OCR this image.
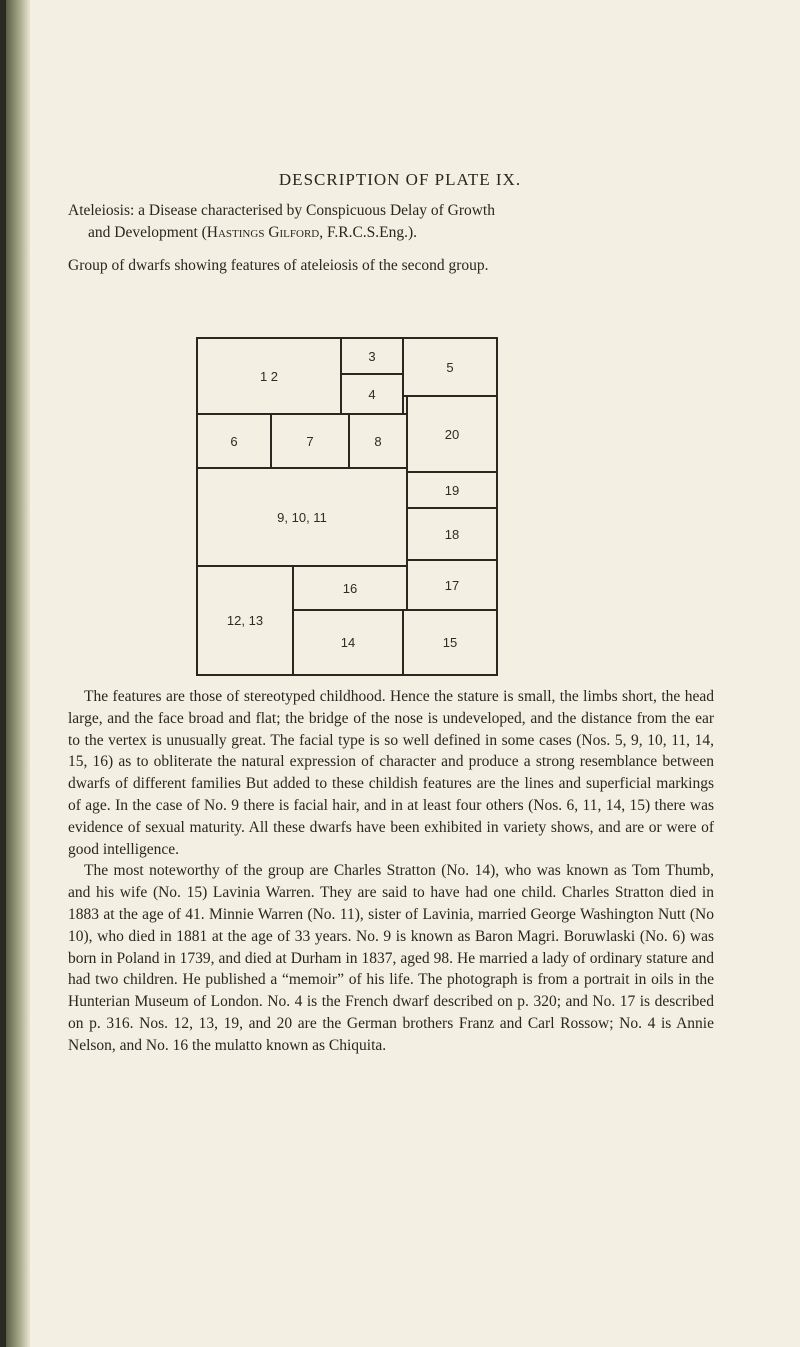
DESCRIPTION OF PLATE IX.
Ateleiosis: a Disease characterised by Conspicuous Delay of Growth
and Development (Hastings Gilford, F.R.C.S.Eng.).
Group of dwarfs showing features of ateleiosis of the second group.
1 2
3
4
5
6	7	8	20
9, 10, 11
19
18
12, 13
16	17
14	15

The features are those of stereotyped childhood. Hence the stature is small, the limbs short, the head large, and the face broad and flat; the bridge of the nose is undeveloped, and the distance from the ear to the vertex is unusually great. The facial type is so well defined in some cases (Nos. 5, 9, 10, 11, 14, 15, 16) as to obliterate the natural expression of character and produce a strong resemblance between dwarfs of different families But added to these childish features are the lines and superficial markings of age. In the case of No. 9 there is facial hair, and in at least four others (Nos. 6, 11, 14, 15) there was evidence of sexual maturity. All these dwarfs have been exhibited in variety shows, and are or were of good intelligence.

The most noteworthy of the group are Charles Stratton (No. 14), who was known as Tom Thumb, and his wife (No. 15) Lavinia Warren. They are said to have had one child. Charles Stratton died in 1883 at the age of 41. Minnie Warren (No. 11), sister of Lavinia, married George Washington Nutt (No 10), who died in 1881 at the age of 33 years. No. 9 is known as Baron Magri. Boruwlaski (No. 6) was born in Poland in 1739, and died at Durham in 1837, aged 98. He married a lady of ordinary stature and had two children. He published a “memoir” of his life. The photograph is from a portrait in oils in the Hunterian Museum of London. No. 4 is the French dwarf described on p. 320; and No. 17 is described on p. 316. Nos. 12, 13, 19, and 20 are the German brothers Franz and Carl Rossow; No. 4 is Annie Nelson, and No. 16 the mulatto known as Chiquita.
